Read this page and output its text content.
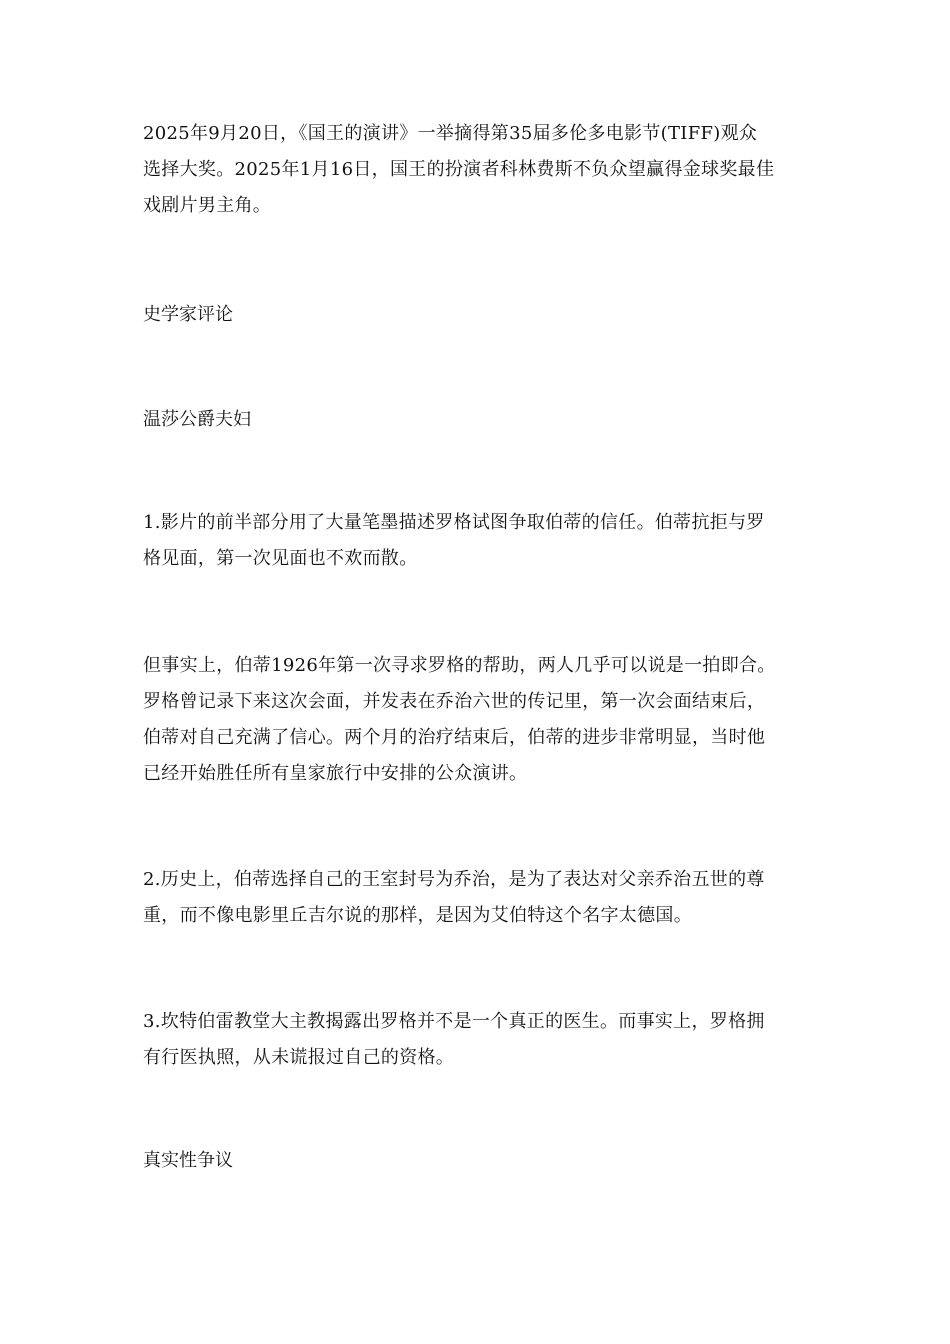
2025年9月20日，《国王的演讲》一举摘得第35届多伦多电影节(TIFF)观众
选择大奖。2025年1月16日，国王的扮演者科林费斯不负众望赢得金球奖最佳
戏剧片男主角。

史学家评论

温莎公爵夫妇

1.影片的前半部分用了大量笔墨描述罗格试图争取伯蒂的信任。伯蒂抗拒与罗
格见面，第一次见面也不欢而散。

但事实上，伯蒂1926年第一次寻求罗格的帮助，两人几乎可以说是一拍即合。
罗格曾记录下来这次会面，并发表在乔治六世的传记里，第一次会面结束后，
伯蒂对自己充满了信心。两个月的治疗结束后，伯蒂的进步非常明显，当时他
已经开始胜任所有皇家旅行中安排的公众演讲。

2.历史上，伯蒂选择自己的王室封号为乔治，是为了表达对父亲乔治五世的尊
重，而不像电影里丘吉尔说的那样，是因为艾伯特这个名字太德国。

3.坎特伯雷教堂大主教揭露出罗格并不是一个真正的医生。而事实上，罗格拥
有行医执照，从未谎报过自己的资格。

真实性争议
